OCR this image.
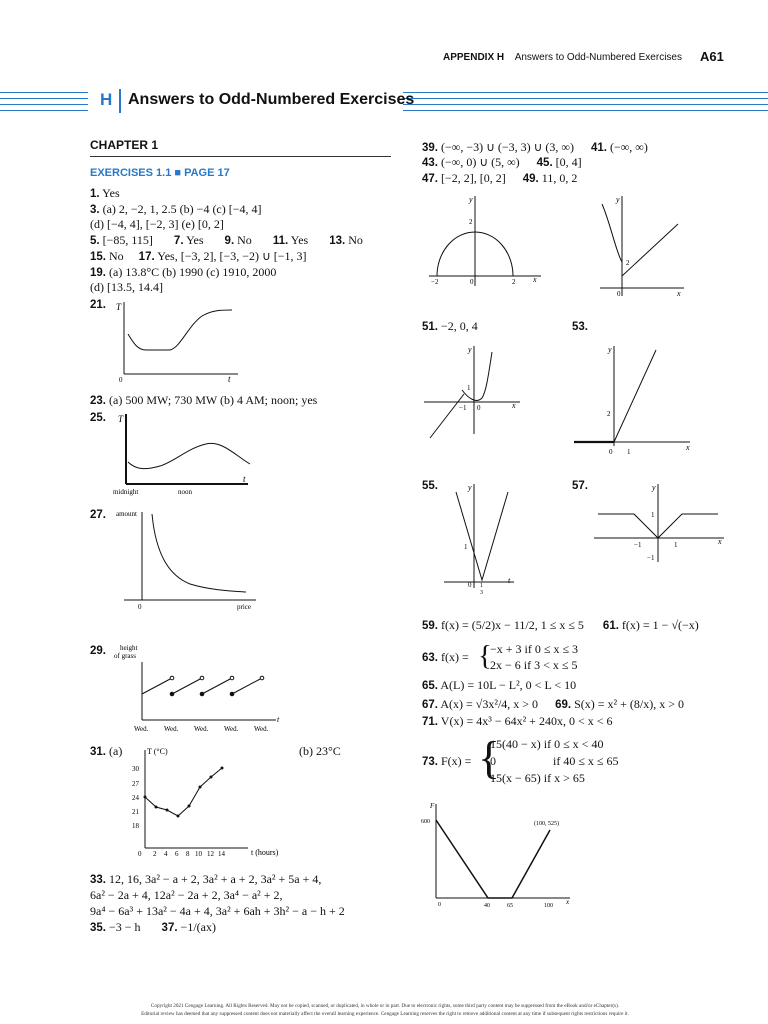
APPENDIX H Answers to Odd-Numbered Exercises A61
H Answers to Odd-Numbered Exercises
CHAPTER 1
EXERCISES 1.1 ■ PAGE 17
1. Yes
3. (a) 2, −2, 1, 2.5 (b) −4 (c) [−4, 4]
(d) [−4, 4], [−2, 3] (e) [0, 2]
5. [−85, 115] 7. Yes 9. No 11. Yes 13. No
15. No 17. Yes, [−3, 2], [−3, −2) ∪ [−1, 3]
19. (a) 13.8°C (b) 1990 (c) 1910, 2000
(d) [13.5, 14.4]
21. T
t
0
23. (a) 500 MW; 730 MW (b) 4 AM; noon; yes
25. T
t
midnight	noon
27. amount
price
0
29. height
of grass
t
Wed. Wed. Wed. Wed. Wed.
31. (a)	(b) 23°C
T (°C)
t (hours)
30
27
24
21
18
0 2 4 6 8 10 12 14
33. 12, 16, 3a² − a + 2, 3a² + a + 2, 3a² + 5a + 4,
6a² − 2a + 4, 12a² − 2a + 2, 3a⁴ − a² + 2,
9a⁴ − 6a³ + 13a² − 4a + 4, 3a² + 6ah + 3h² − a − h + 2
35. −3 − h 37. −1/(ax)
39. (−∞, −3) ∪ (−3, 3) ∪ (3, ∞) 41. (−∞, ∞)
43. (−∞, 0) ∪ (5, ∞) 45. [0, 4]
47. [−2, 2], [0, 2] 49. 11, 0, 2
y
x
2
−2	2
0
y
x
2
0
51. −2, 0, 4	53.
y
x
1
−1 0
y
x
2
0 1
55.	57.
y
t
1
0 1
3
y
x
1
−1
1
−1
59. f(x) = (5/2)x − 11/2, 1 ≤ x ≤ 5 61. f(x) = 1 − √(−x)
63. f(x) = {
−x + 3 if 0 ≤ x ≤ 3
2x − 6 if 3 < x ≤ 5
65. A(L) = 10L − L², 0 < L < 10
67. A(x) = √3x²/4, x > 0 69. S(x) = x² + (8/x), x > 0
71. V(x) = 4x³ − 64x² + 240x, 0 < x < 6
73. F(x) = {
15(40 − x) if 0 ≤ x < 40
0                   if 40 ≤ x ≤ 65
15(x − 65) if x > 65
F
x
600	(100, 525)
0	40	65	100
Copyright 2021 Cengage Learning. All Rights Reserved. May not be copied, scanned, or duplicated, in whole or in part. Due to electronic rights, some third party content may be suppressed from the eBook and/or eChapter(s).
Editorial review has deemed that any suppressed content does not materially affect the overall learning experience. Cengage Learning reserves the right to remove additional content at any time if subsequent rights restrictions require it.
